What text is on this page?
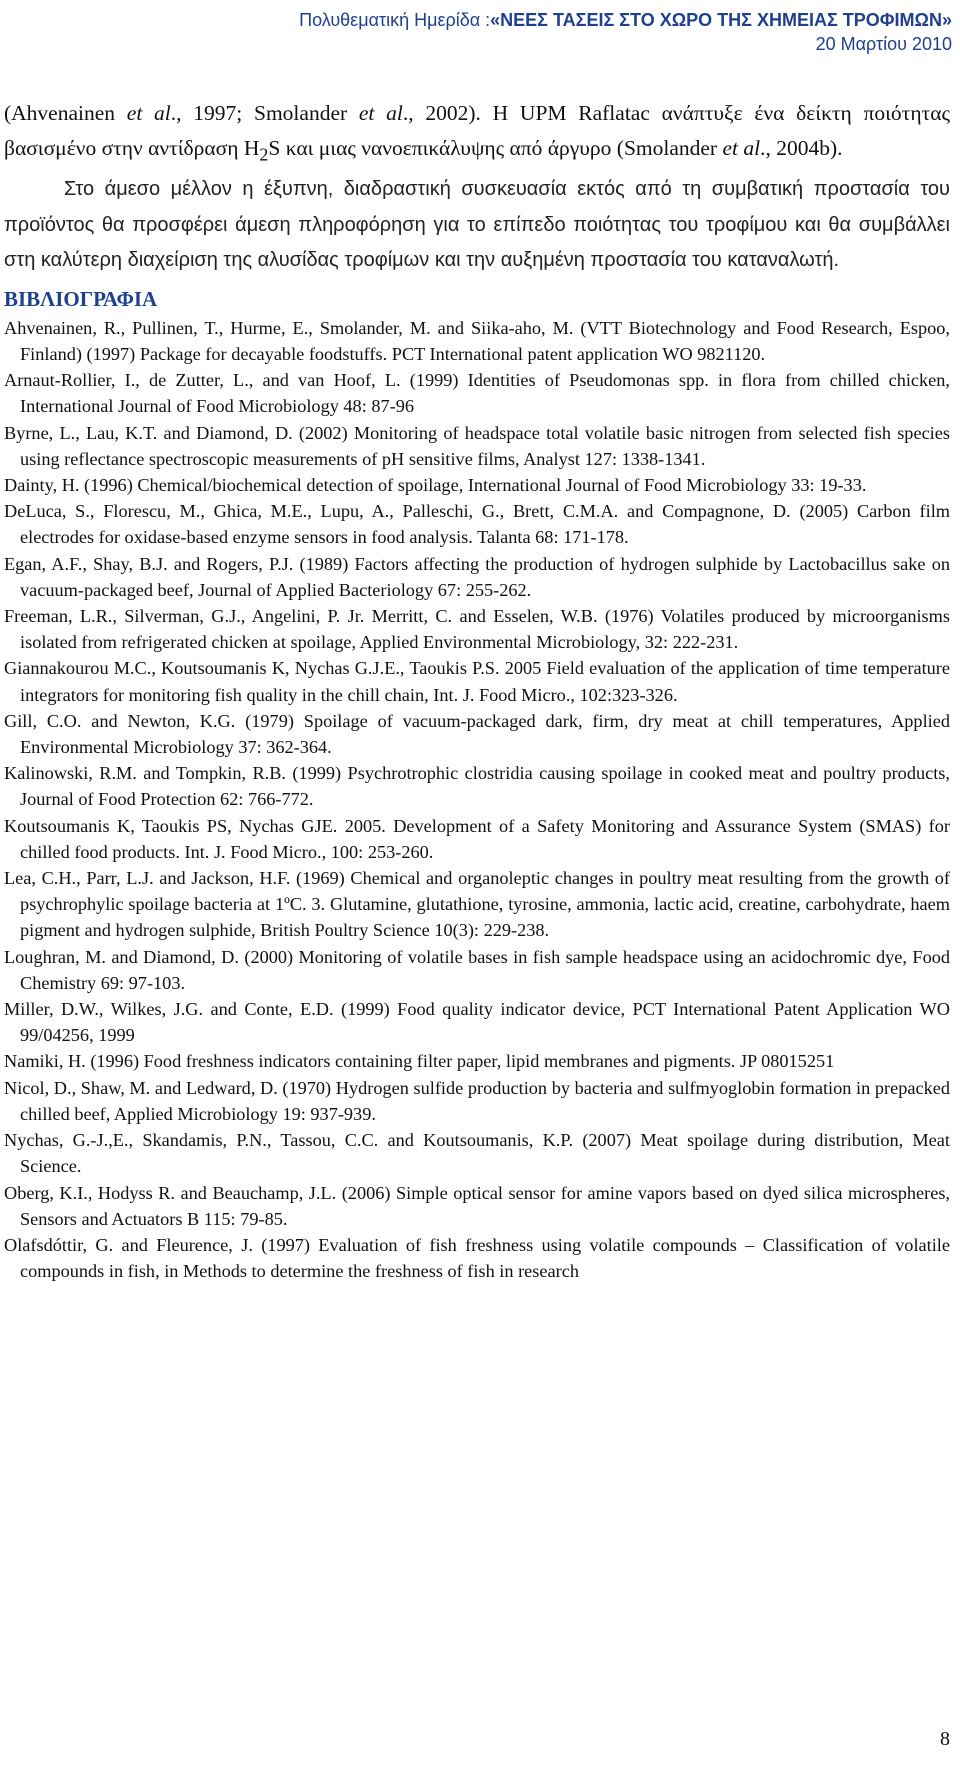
Πολυθεματική Ημερίδα :«ΝΕΕΣ ΤΑΣΕΙΣ ΣΤΟ ΧΩΡΟ ΤΗΣ ΧΗΜΕΙΑΣ ΤΡΟΦΙΜΩΝ»
20 Μαρτίου 2010

(Ahvenainen et al., 1997; Smolander et al., 2002). Η UPM Raflatac ανάπτυξε ένα δείκτη ποιότητας βασισμένο στην αντίδραση $H_2S$ και μιας νανοεπικάλυψης από άργυρο (Smolander et al., 2004b).

Στο άμεσο μέλλον η έξυπνη, διαδραστική συσκευασία εκτός από τη συμβατική προστασία του προϊόντος θα προσφέρει άμεση πληροφόρηση για το επίπεδο ποιότητας του τροφίμου και θα συμβάλλει στη καλύτερη διαχείριση της αλυσίδας τροφίμων και την αυξημένη προστασία του καταναλωτή.

ΒΙΒΛΙΟΓΡΑΦΙΑ
Ahvenainen, R., Pullinen, T., Hurme, E., Smolander, M. and Siika-aho, M. (VTT Biotechnology and Food Research, Espoo, Finland) (1997) Package for decayable foodstuffs. PCT International patent application WO 9821120.
Arnaut-Rollier, I., de Zutter, L., and van Hoof, L. (1999) Identities of Pseudomonas spp. in flora from chilled chicken, International Journal of Food Microbiology 48: 87-96
Byrne, L., Lau, K.T. and Diamond, D. (2002) Monitoring of headspace total volatile basic nitrogen from selected fish species using reflectance spectroscopic measurements of pH sensitive films, Analyst 127: 1338-1341.
Dainty, H. (1996) Chemical/biochemical detection of spoilage, International Journal of Food Microbiology 33: 19-33.
DeLuca, S., Florescu, M., Ghica, M.E., Lupu, A., Palleschi, G., Brett, C.M.A. and Compagnone, D. (2005) Carbon film electrodes for oxidase-based enzyme sensors in food analysis. Talanta 68: 171-178.
Egan, A.F., Shay, B.J. and Rogers, P.J. (1989) Factors affecting the production of hydrogen sulphide by Lactobacillus sake on vacuum-packaged beef, Journal of Applied Bacteriology 67: 255-262.
Freeman, L.R., Silverman, G.J., Angelini, P. Jr. Merritt, C. and Esselen, W.B. (1976) Volatiles produced by microorganisms isolated from refrigerated chicken at spoilage, Applied Environmental Microbiology, 32: 222-231.
Giannakourou M.C., Koutsoumanis K, Nychas G.J.E., Taoukis P.S. 2005 Field evaluation of the application of time temperature integrators for monitoring fish quality in the chill chain, Int. J. Food Micro., 102:323-326.
Gill, C.O. and Newton, K.G. (1979) Spoilage of vacuum-packaged dark, firm, dry meat at chill temperatures, Applied Environmental Microbiology 37: 362-364.
Kalinowski, R.M. and Tompkin, R.B. (1999) Psychrotrophic clostridia causing spoilage in cooked meat and poultry products, Journal of Food Protection 62: 766-772.
Koutsoumanis K, Taoukis PS, Nychas GJE. 2005. Development of a Safety Monitoring and Assurance System (SMAS) for chilled food products. Int. J. Food Micro., 100: 253-260.
Lea, C.H., Parr, L.J. and Jackson, H.F. (1969) Chemical and organoleptic changes in poultry meat resulting from the growth of psychrophylic spoilage bacteria at 1ºC. 3. Glutamine, glutathione, tyrosine, ammonia, lactic acid, creatine, carbohydrate, haem pigment and hydrogen sulphide, British Poultry Science 10(3): 229-238.
Loughran, M. and Diamond, D. (2000) Monitoring of volatile bases in fish sample headspace using an acidochromic dye, Food Chemistry 69: 97-103.
Miller, D.W., Wilkes, J.G. and Conte, E.D. (1999) Food quality indicator device, PCT International Patent Application WO 99/04256, 1999
Namiki, H. (1996) Food freshness indicators containing filter paper, lipid membranes and pigments. JP 08015251
Nicol, D., Shaw, M. and Ledward, D. (1970) Hydrogen sulfide production by bacteria and sulfmyoglobin formation in prepacked chilled beef, Applied Microbiology 19: 937-939.
Nychas, G.-J.,E., Skandamis, P.N., Tassou, C.C. and Koutsoumanis, K.P. (2007) Meat spoilage during distribution, Meat Science.
Oberg, K.I., Hodyss R. and Beauchamp, J.L. (2006) Simple optical sensor for amine vapors based on dyed silica microspheres, Sensors and Actuators B 115: 79-85.
Olafsdóttir, G. and Fleurence, J. (1997) Evaluation of fish freshness using volatile compounds – Classification of volatile compounds in fish, in Methods to determine the freshness of fish in research
8
